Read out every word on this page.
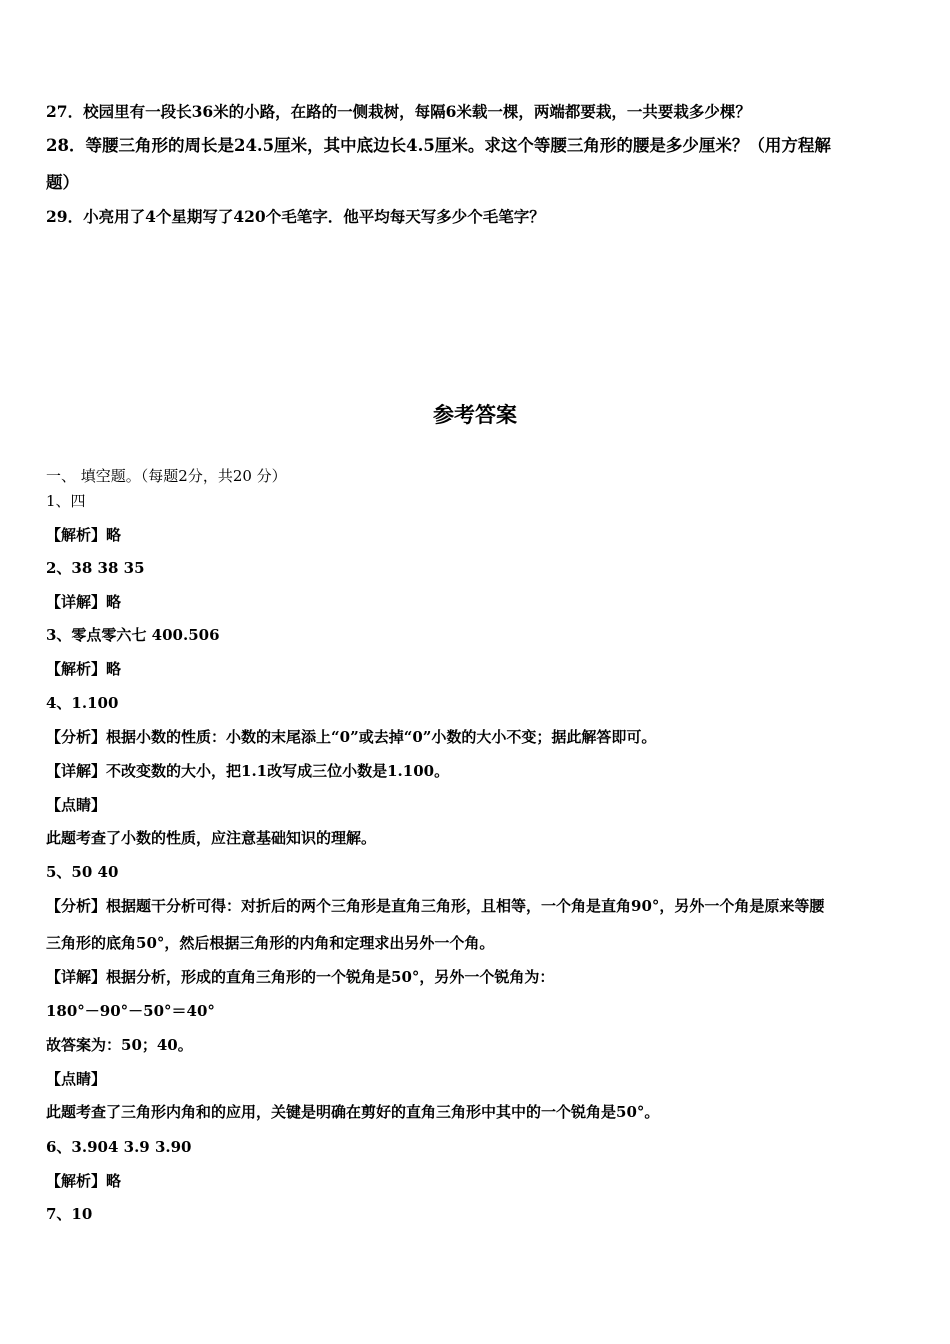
27．校园里有一段长36米的小路，在路的一侧栽树，每隔6米载一棵，两端都要栽，一共要栽多少棵？
28．等腰三角形的周长是24.5厘米，其中底边长4.5厘米。求这个等腰三角形的腰是多少厘米？（用方程解
题）
29．小亮用了4个星期写了420个毛笔字．他平均每天写多少个毛笔字？
参考答案
一、 填空题。（每题2分，共20 分）
1、四
【解析】略
2、38 38 35
【详解】略
3、零点零六七 400.506
【解析】略
4、1.100
【分析】根据小数的性质：小数的末尾添上“0”或去掉“0”小数的大小不变；据此解答即可。
【详解】不改变数的大小，把1.1改写成三位小数是1.100。
【点睛】
此题考查了小数的性质，应注意基础知识的理解。
5、50 40
【分析】根据题干分析可得：对折后的两个三角形是直角三角形，且相等，一个角是直角90°，另外一个角是原来等腰
三角形的底角50°，然后根据三角形的内角和定理求出另外一个角。
【详解】根据分析，形成的直角三角形的一个锐角是50°，另外一个锐角为：
180°－90°－50°＝40°
故答案为：50；40。
【点睛】
此题考查了三角形内角和的应用，关键是明确在剪好的直角三角形中其中的一个锐角是50°。
6、3.904 3.9 3.90
【解析】略
7、10
